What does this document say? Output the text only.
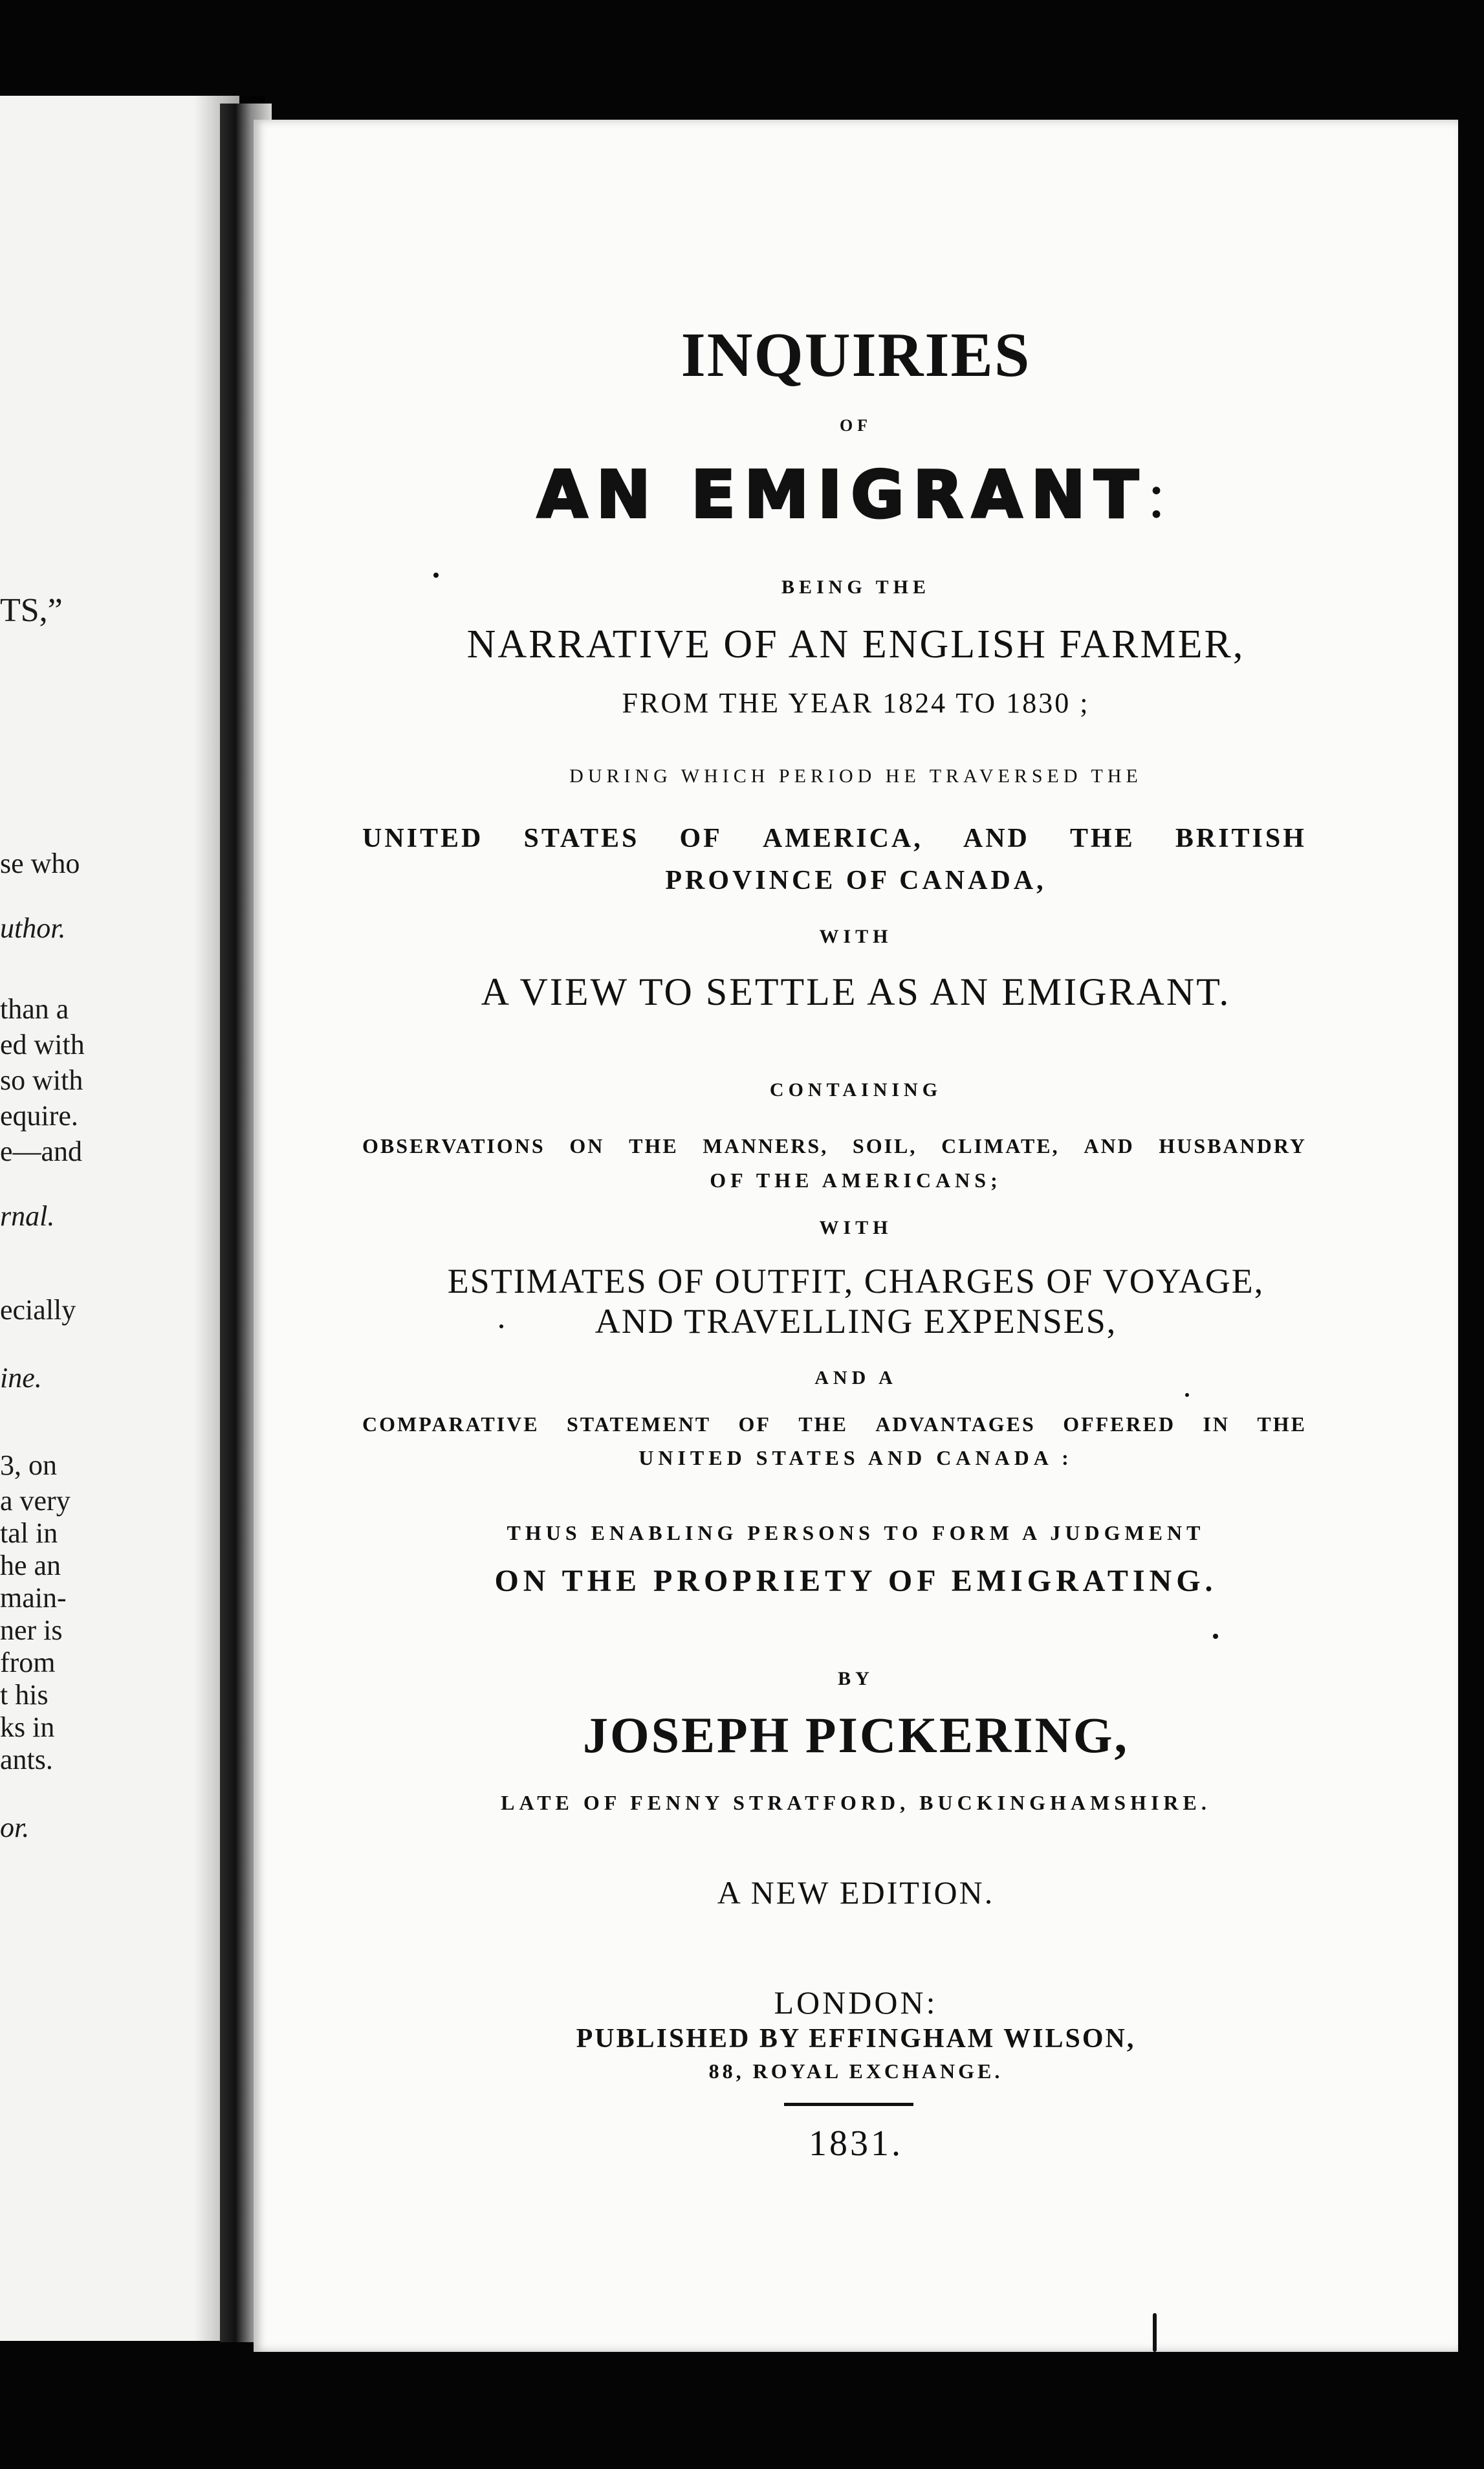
TS,”
se who
uthor.
than a
ed with
so with
equire.
e—and
rnal.
ecially
ine.
3, on
a very
tal in
he an
main-
ner is
from
t his
ks in
ants.
or.
INQUIRIES
OF
AN EMIGRANT:
BEING THE
NARRATIVE OF AN ENGLISH FARMER,
FROM THE YEAR 1824 TO 1830 ;
DURING WHICH PERIOD HE TRAVERSED THE
UNITED STATES OF AMERICA, AND THE BRITISH
PROVINCE OF CANADA,
WITH
A VIEW TO SETTLE AS AN EMIGRANT.
CONTAINING
OBSERVATIONS ON THE MANNERS, SOIL, CLIMATE, AND HUSBANDRY
OF THE AMERICANS;
WITH
ESTIMATES OF OUTFIT, CHARGES OF VOYAGE,
AND TRAVELLING EXPENSES,
AND A
COMPARATIVE STATEMENT OF THE ADVANTAGES OFFERED IN THE
UNITED STATES AND CANADA :
THUS ENABLING PERSONS TO FORM A JUDGMENT
ON THE PROPRIETY OF EMIGRATING.
BY
JOSEPH PICKERING,
LATE OF FENNY STRATFORD, BUCKINGHAMSHIRE.
A NEW EDITION.
LONDON:
PUBLISHED BY EFFINGHAM WILSON,
88, ROYAL EXCHANGE.
1831.
